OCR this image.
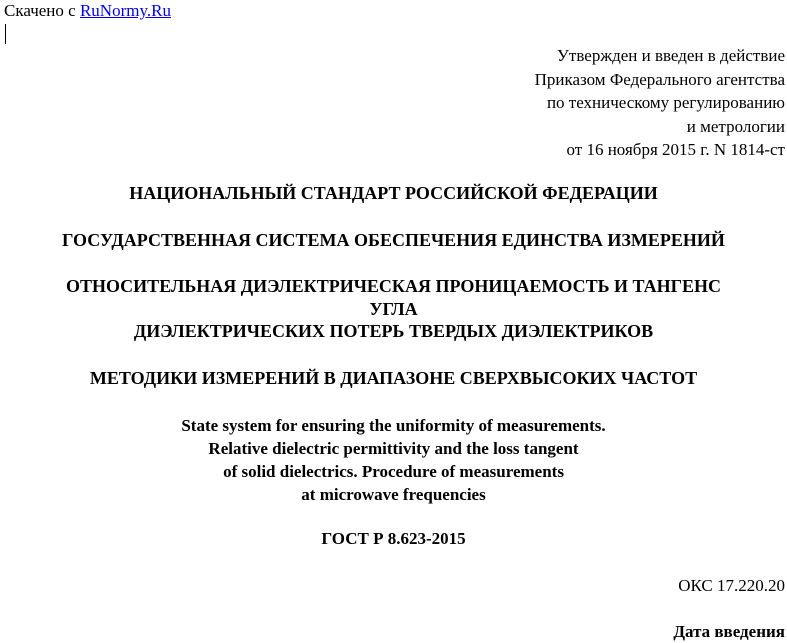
Скачено с RuNormy.Ru
Утвержден и введен в действие
Приказом Федерального агентства
по техническому регулированию
и метрологии
от 16 ноября 2015 г. N 1814-ст
НАЦИОНАЛЬНЫЙ СТАНДАРТ РОССИЙСКОЙ ФЕДЕРАЦИИ
ГОСУДАРСТВЕННАЯ СИСТЕМА ОБЕСПЕЧЕНИЯ ЕДИНСТВА ИЗМЕРЕНИЙ
ОТНОСИТЕЛЬНАЯ ДИЭЛЕКТРИЧЕСКАЯ ПРОНИЦАЕМОСТЬ И ТАНГЕНС
УГЛА
ДИЭЛЕКТРИЧЕСКИХ ПОТЕРЬ ТВЕРДЫХ ДИЭЛЕКТРИКОВ
МЕТОДИКИ ИЗМЕРЕНИЙ В ДИАПАЗОНЕ СВЕРХВЫСОКИХ ЧАСТОТ
State system for ensuring the uniformity of measurements.
Relative dielectric permittivity and the loss tangent
of solid dielectrics. Procedure of measurements
at microwave frequencies
ГОСТ Р 8.623-2015
ОКС 17.220.20
Дата введения
